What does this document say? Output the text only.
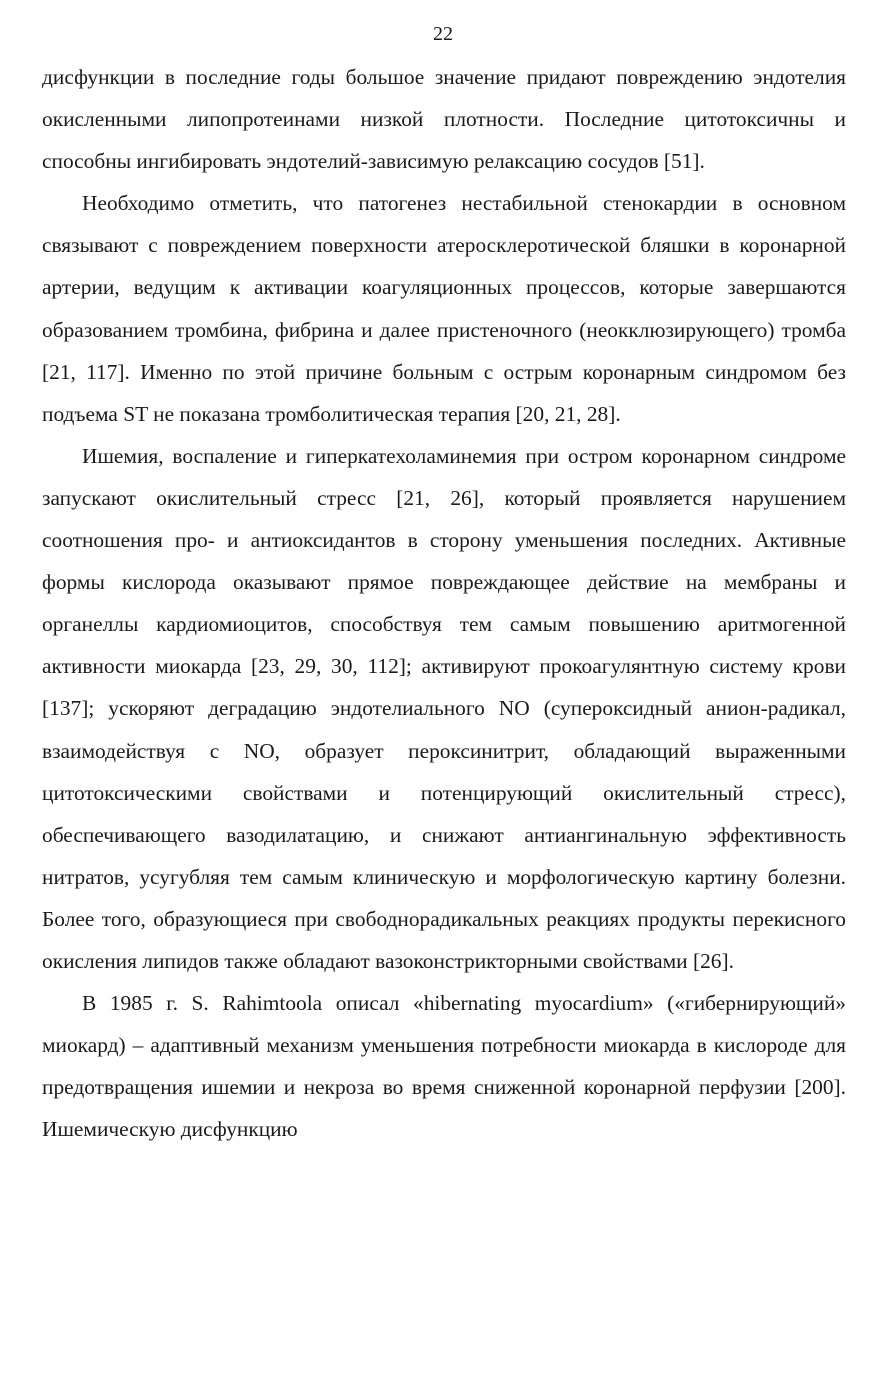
22

дисфункции в последние годы большое значение придают повреждению эндотелия окисленными липопротеинами низкой плотности. Последние цитотоксичны и способны ингибировать эндотелий-зависимую релаксацию сосудов [51].

Необходимо отметить, что патогенез нестабильной стенокардии в основном связывают с повреждением поверхности атеросклеротической бляшки в коронарной артерии, ведущим к активации коагуляционных процессов, которые завершаются образованием тромбина, фибрина и далее пристеночного (неокклюзирующего) тромба [21, 117]. Именно по этой причине больным с острым коронарным синдромом без подъема ST не показана тромболитическая терапия [20, 21, 28].

Ишемия, воспаление и гиперкатехоламинемия при остром коронарном синдроме запускают окислительный стресс [21, 26], который проявляется нарушением соотношения про- и антиоксидантов в сторону уменьшения последних. Активные формы кислорода оказывают прямое повреждающее действие на мембраны и органеллы кардиомиоцитов, способствуя тем самым повышению аритмогенной активности миокарда [23, 29, 30, 112]; активируют прокоагулянтную систему крови [137]; ускоряют деградацию эндотелиального NO (супероксидный анион-радикал, взаимодействуя с NO, образует пероксинитрит, обладающий выраженными цитотоксическими свойствами и потенцирующий окислительный стресс), обеспечивающего вазодилатацию, и снижают антиангинальную эффективность нитратов, усугубляя тем самым клиническую и морфологическую картину болезни. Более того, образующиеся при свободнорадикальных реакциях продукты перекисного окисления липидов также обладают вазоконстрикторными свойствами [26].

В 1985 г. S. Rahimtoola описал «hibernating myocardium» («гибернирующий» миокард) – адаптивный механизм уменьшения потребности миокарда в кислороде для предотвращения ишемии и некроза во время сниженной коронарной перфузии [200]. Ишемическую дисфункцию
